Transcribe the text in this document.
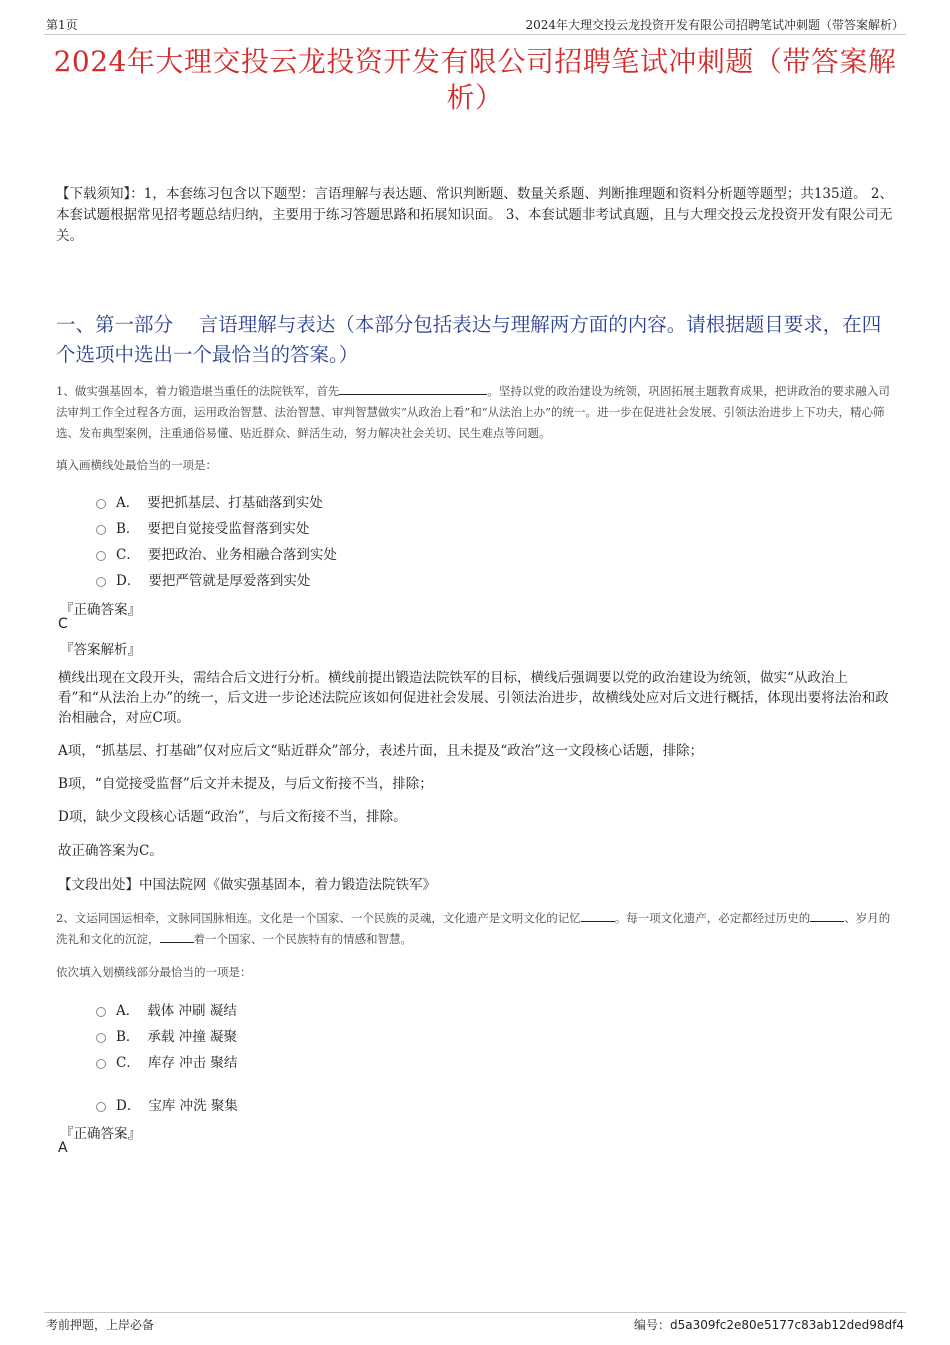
第1页	2024年大理交投云龙投资开发有限公司招聘笔试冲刺题（带答案解析）
2024年大理交投云龙投资开发有限公司招聘笔试冲刺题（带答案解析）
【下载须知】：1，本套练习包含以下题型：言语理解与表达题、常识判断题、数量关系题、判断推理题和资料分析题等题型；共135道。 2、本套试题根据常见招考题总结归纳，主要用于练习答题思路和拓展知识面。 3、本套试题非考试真题，且与大理交投云龙投资开发有限公司无关。
一、第一部分　 言语理解与表达（本部分包括表达与理解两方面的内容。请根据题目要求，在四个选项中选出一个最恰当的答案。）
1、做实强基固本，着力锻造堪当重任的法院铁军，首先	。坚持以党的政治建设为统领，巩固拓展主题教育成果，把讲政治的要求融入司法审判工作全过程各方面，运用政治智慧、法治智慧、审判智慧做实“从政治上看”和“从法治上办”的统一。进一步在促进社会发展、引领法治进步上下功夫，精心筛选、发布典型案例，注重通俗易懂、贴近群众、鲜活生动，努力解决社会关切、民生难点等问题。
填入画横线处最恰当的一项是：
A． 要把抓基层、打基础落到实处
B． 要把自觉接受监督落到实处
C． 要把政治、业务相融合落到实处
D． 要把严管就是厚爱落到实处
『正确答案』
C
『答案解析』
横线出现在文段开头，需结合后文进行分析。横线前提出锻造法院铁军的目标，横线后强调要以党的政治建设为统领，做实“从政治上看”和“从法治上办”的统一，后文进一步论述法院应该如何促进社会发展、引领法治进步，故横线处应对后文进行概括，体现出要将法治和政治相融合，对应C项。
A项，“抓基层、打基础”仅对应后文“贴近群众”部分，表述片面，且未提及“政治”这一文段核心话题，排除；
B项，“自觉接受监督”后文并未提及，与后文衔接不当，排除；
D项，缺少文段核心话题“政治”，与后文衔接不当，排除。
故正确答案为C。
【文段出处】中国法院网《做实强基固本，着力锻造法院铁军》
2、文运同国运相牵，文脉同国脉相连。文化是一个国家、一个民族的灵魂，文化遗产是文明文化的记忆	。每一项文化遗产，必定都经过历史的	、岁月的洗礼和文化的沉淀，	着一个国家、一个民族特有的情感和智慧。
依次填入划横线部分最恰当的一项是：
A． 载体 冲刷 凝结
B． 承载 冲撞 凝聚
C． 库存 冲击 聚结
D． 宝库 冲洗 聚集
『正确答案』
A
考前押题，上岸必备	编号：d5a309fc2e80e5177c83ab12ded98df4
